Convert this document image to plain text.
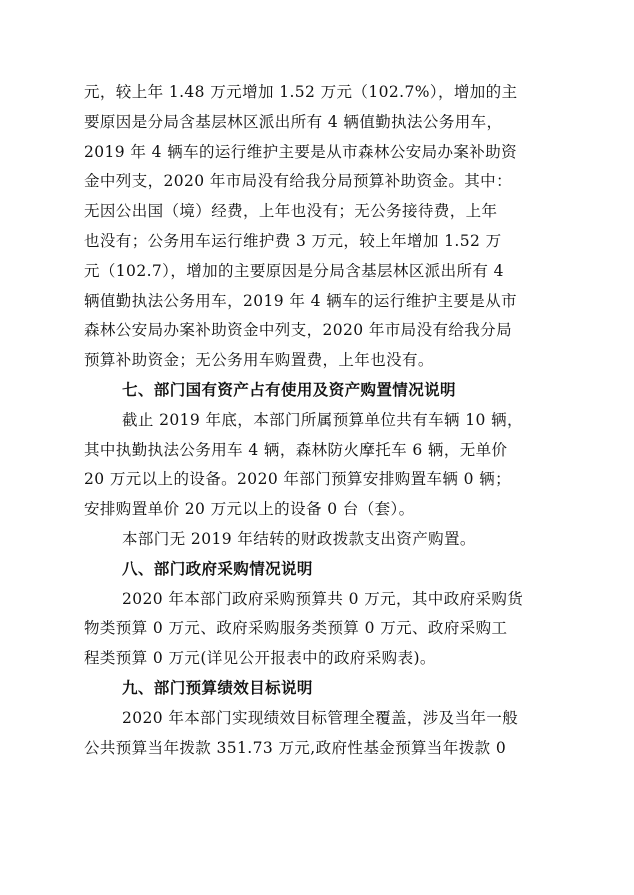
元，较上年 1.48 万元增加 1.52 万元（102.7%），增加的主
要原因是分局含基层林区派出所有 4 辆值勤执法公务用车，
2019 年 4 辆车的运行维护主要是从市森林公安局办案补助资
金中列支，2020 年市局没有给我分局预算补助资金。其中：
无因公出国（境）经费，上年也没有；无公务接待费，上年
也没有；公务用车运行维护费 3 万元，较上年增加 1.52 万
元（102.7），增加的主要原因是分局含基层林区派出所有 4
辆值勤执法公务用车，2019 年 4 辆车的运行维护主要是从市
森林公安局办案补助资金中列支，2020 年市局没有给我分局
预算补助资金；无公务用车购置费，上年也没有。
七、部门国有资产占有使用及资产购置情况说明
截止 2019 年底，本部门所属预算单位共有车辆 10 辆，
其中执勤执法公务用车 4 辆，森林防火摩托车 6 辆，无单价
20 万元以上的设备。2020 年部门预算安排购置车辆 0 辆；
安排购置单价 20 万元以上的设备 0 台（套）。
本部门无 2019 年结转的财政拨款支出资产购置。
八、部门政府采购情况说明
2020 年本部门政府采购预算共 0 万元，其中政府采购货
物类预算 0 万元、政府采购服务类预算 0 万元、政府采购工
程类预算 0 万元(详见公开报表中的政府采购表)。
九、部门预算绩效目标说明
2020 年本部门实现绩效目标管理全覆盖，涉及当年一般
公共预算当年拨款 351.73 万元,政府性基金预算当年拨款 0
